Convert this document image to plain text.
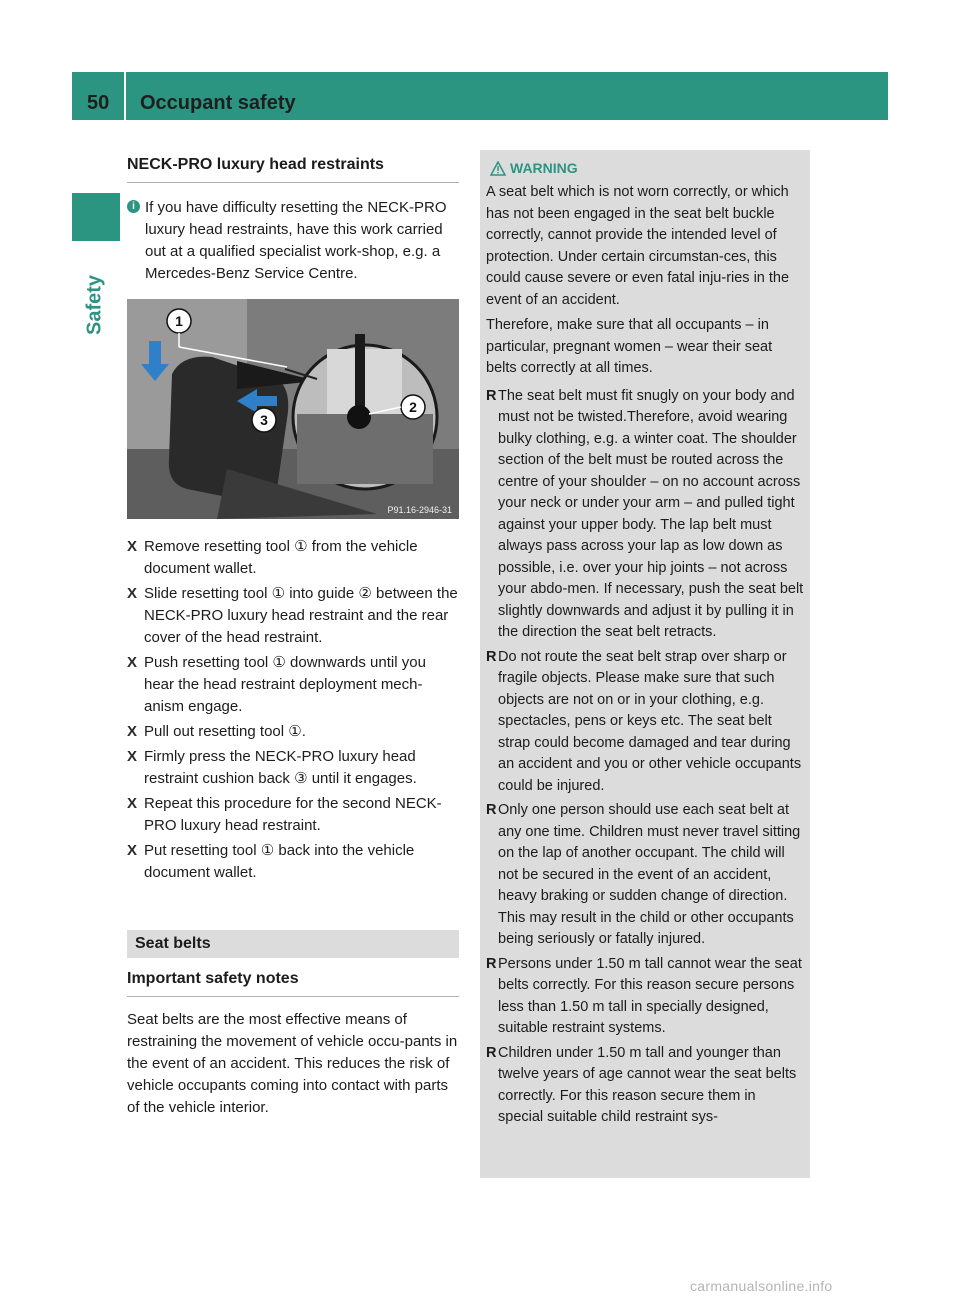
50 Occupant safety
Safety
NECK-PRO luxury head restraints
i If you have difficulty resetting the NECK-PRO luxury head restraints, have this work carried out at a qualified specialist work-shop, e.g. a Mercedes-Benz Service Centre.
1
2
3
P91.16-2946-31
X Remove resetting tool ① from the vehicle document wallet.
X Slide resetting tool ① into guide ② between the NECK-PRO luxury head restraint and the rear cover of the head restraint.
X Push resetting tool ① downwards until you hear the head restraint deployment mech-anism engage.
X Pull out resetting tool ①.
X Firmly press the NECK-PRO luxury head restraint cushion back ③ until it engages.
X Repeat this procedure for the second NECK-PRO luxury head restraint.
X Put resetting tool ① back into the vehicle document wallet.
Seat belts
Important safety notes
Seat belts are the most effective means of restraining the movement of vehicle occu-pants in the event of an accident. This reduces the risk of vehicle occupants coming into contact with parts of the vehicle interior.
WARNING
A seat belt which is not worn correctly, or which has not been engaged in the seat belt buckle correctly, cannot provide the intended level of protection. Under certain circumstan-ces, this could cause severe or even fatal inju-ries in the event of an accident.
Therefore, make sure that all occupants – in particular, pregnant women – wear their seat belts correctly at all times.
R The seat belt must fit snugly on your body and must not be twisted.Therefore, avoid wearing bulky clothing, e.g. a winter coat. The shoulder section of the belt must be routed across the centre of your shoulder – on no account across your neck or under your arm – and pulled tight against your upper body. The lap belt must always pass across your lap as low down as possible, i.e. over your hip joints – not across your abdo-men. If necessary, push the seat belt slightly downwards and adjust it by pulling it in the direction the seat belt retracts.
R Do not route the seat belt strap over sharp or fragile objects. Please make sure that such objects are not on or in your clothing, e.g. spectacles, pens or keys etc. The seat belt strap could become damaged and tear during an accident and you or other vehicle occupants could be injured.
R Only one person should use each seat belt at any one time. Children must never travel sitting on the lap of another occupant. The child will not be secured in the event of an accident, heavy braking or sudden change of direction. This may result in the child or other occupants being seriously or fatally injured.
R Persons under 1.50 m tall cannot wear the seat belts correctly. For this reason secure persons less than 1.50 m tall in specially designed, suitable restraint systems.
R Children under 1.50 m tall and younger than twelve years of age cannot wear the seat belts correctly. For this reason secure them in special suitable child restraint sys-
carmanualsonline.info
